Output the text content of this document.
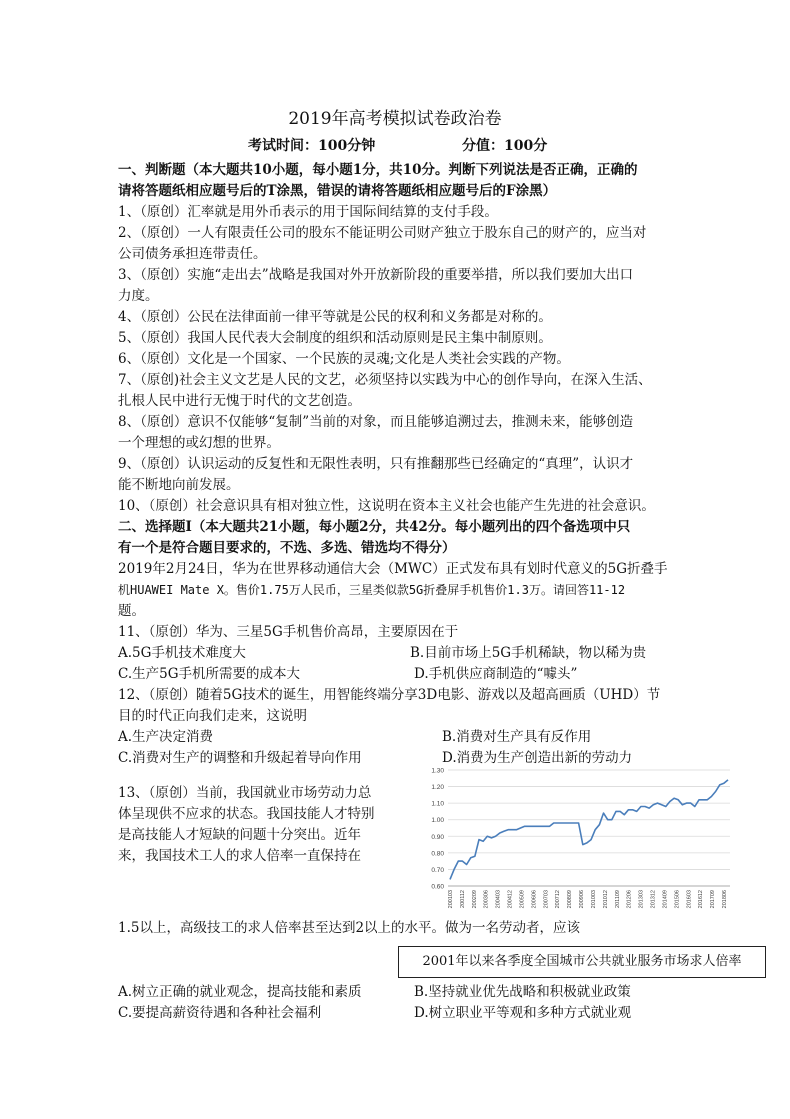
2019年高考模拟试卷政治卷
考试时间：100分钟	分值：100分
一、判断题（本大题共10小题，每小题1分，共10分。判断下列说法是否正确，正确的
请将答题纸相应题号后的T涂黑，错误的请将答题纸相应题号后的F涂黑）
1、（原创）汇率就是用外币表示的用于国际间结算的支付手段。
2、（原创）一人有限责任公司的股东不能证明公司财产独立于股东自己的财产的，应当对
公司债务承担连带责任。
3、（原创）实施“走出去”战略是我国对外开放新阶段的重要举措，所以我们要加大出口
力度。
4、（原创）公民在法律面前一律平等就是公民的权利和义务都是对称的。
5、（原创）我国人民代表大会制度的组织和活动原则是民主集中制原则。
6、（原创）文化是一个国家、一个民族的灵魂;文化是人类社会实践的产物。
7、（原创)社会主义文艺是人民的文艺，必须坚持以实践为中心的创作导向，在深入生活、
扎根人民中进行无愧于时代的文艺创造。
8、（原创）意识不仅能够“复制”当前的对象，而且能够追溯过去，推测未来，能够创造
一个理想的或幻想的世界。
9、（原创）认识运动的反复性和无限性表明，只有推翻那些已经确定的“真理”，认识才
能不断地向前发展。
10、（原创）社会意识具有相对独立性，这说明在资本主义社会也能产生先进的社会意识。
二、选择题Ⅰ（本大题共21小题，每小题2分，共42分。每小题列出的四个备选项中只
有一个是符合题目要求的，不选、多选、错选均不得分）
2019年2月24日，华为在世界移动通信大会（MWC）正式发布具有划时代意义的5G折叠手
机HUAWEI Mate X。售价1.75万人民币，三星类似款5G折叠屏手机售价1.3万。请回答11-12
题。
11、（原创）华为、三星5G手机售价高昂，主要原因在于
A.5G手机技术难度大	B.目前市场上5G手机稀缺，物以稀为贵
C.生产5G手机所需要的成本大	D.手机供应商制造的“噱头”
12、（原创）随着5G技术的诞生，用智能终端分享3D电影、游戏以及超高画质（UHD）节
目的时代正向我们走来，这说明
A.生产决定消费	B.消费对生产具有反作用
C.消费对生产的调整和升级起着导向作用	D.消费为生产创造出新的劳动力
13、（原创）当前，我国就业市场劳动力总
体呈现供不应求的状态。我国技能人才特别
是高技能人才短缺的问题十分突出。近年
来，我国技术工人的求人倍率一直保持在
1.5以上，高级技工的求人倍率甚至达到2以上的水平。做为一名劳动者，应该
0.60
0.70
0.80
0.90
1.00
1.10
1.20
1.30
200103 200112 200209 200306 200403 200412 200509 200606 200703 200712 200809 200906 201003 201012 201109 201206 201303 201312 201409 201506 201603 201612 201709 201806
2001年以来各季度全国城市公共就业服务市场求人倍率
A.树立正确的就业观念，提高技能和素质	B.坚持就业优先战略和积极就业政策
C.要提高薪资待遇和各种社会福利	D.树立职业平等观和多种方式就业观
